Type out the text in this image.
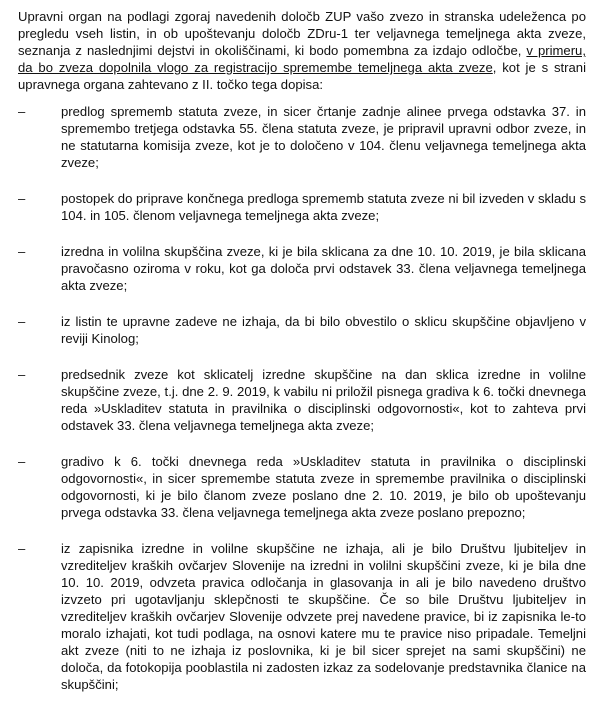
Upravni organ na podlagi zgoraj navedenih določb ZUP vašo zvezo in stranska udeleženca po pregledu vseh listin, in ob upoštevanju določb ZDru-1 ter veljavnega temeljnega akta zveze, seznanja z naslednjimi dejstvi in okoliščinami, ki bodo pomembna za izdajo odločbe, v primeru, da bo zveza dopolnila vlogo za registracijo spremembe temeljnega akta zveze, kot je s strani upravnega organa zahtevano z II. točko tega dopisa:

–	predlog sprememb statuta zveze, in sicer črtanje zadnje alinee prvega odstavka 37. in spremembo tretjega odstavka 55. člena statuta zveze, je pripravil upravni odbor zveze, in ne statutarna komisija zveze, kot je to določeno v 104. členu veljavnega temeljnega akta zveze;
–	postopek do priprave končnega predloga sprememb statuta zveze ni bil izveden v skladu s 104. in 105. členom veljavnega temeljnega akta zveze;
–	izredna in volilna skupščina zveze, ki je bila sklicana za dne 10. 10. 2019, je bila sklicana pravočasno oziroma v roku, kot ga določa prvi odstavek 33. člena veljavnega temeljnega akta zveze;
–	iz listin te upravne zadeve ne izhaja, da bi bilo obvestilo o sklicu skupščine objavljeno v reviji Kinolog;
–	predsednik zveze kot sklicatelj izredne skupščine na dan sklica izredne in volilne skupščine zveze, t.j. dne 2. 9. 2019, k vabilu ni priložil pisnega gradiva k 6. točki dnevnega reda »Uskladitev statuta in pravilnika o disciplinski odgovornosti«, kot to zahteva prvi odstavek 33. člena veljavnega temeljnega akta zveze;
–	gradivo k 6. točki dnevnega reda »Uskladitev statuta in pravilnika o disciplinski odgovornosti«, in sicer spremembe statuta zveze in spremembe pravilnika o disciplinski odgovornosti, ki je bilo članom zveze poslano dne 2. 10. 2019, je bilo ob upoštevanju prvega odstavka 33. člena veljavnega temeljnega akta zveze poslano prepozno;
–	iz zapisnika izredne in volilne skupščine ne izhaja, ali je bilo Društvu ljubiteljev in vzrediteljev kraških ovčarjev Slovenije na izredni in volilni skupščini zveze, ki je bila dne 10. 10. 2019, odvzeta pravica odločanja in glasovanja in ali je bilo navedeno društvo izvzeto pri ugotavljanju sklepčnosti te skupščine. Če so bile Društvu ljubiteljev in vzrediteljev kraških ovčarjev Slovenije odvzete prej navedene pravice, bi iz zapisnika le-to moralo izhajati, kot tudi podlaga, na osnovi katere mu te pravice niso pripadale. Temeljni akt zveze (niti to ne izhaja iz poslovnika, ki je bil sicer sprejet na sami skupščini) ne določa, da fotokopija pooblastila ni zadosten izkaz za sodelovanje predstavnika članice na skupščini;
